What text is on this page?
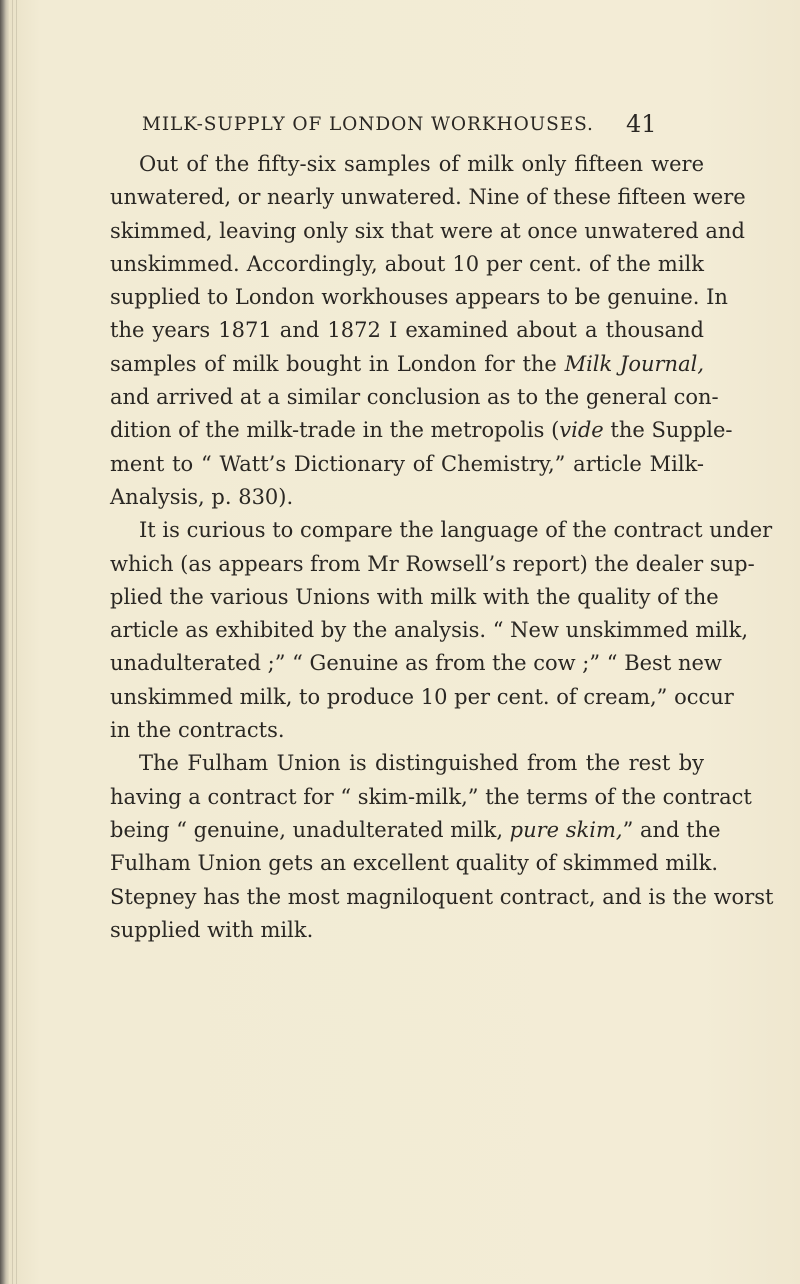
MILK-SUPPLY OF LONDON WORKHOUSES. 41
Out of the fifty-six samples of milk only fifteen were
unwatered, or nearly unwatered. Nine of these fifteen were
skimmed, leaving only six that were at once unwatered and
unskimmed. Accordingly, about 10 per cent. of the milk
supplied to London workhouses appears to be genuine. In
the years 1871 and 1872 I examined about a thousand
samples of milk bought in London for the Milk Journal,
and arrived at a similar conclusion as to the general con-
dition of the milk-trade in the metropolis (vide the Supple-
ment to “ Watt’s Dictionary of Chemistry,” article Milk-
Analysis, p. 830).
It is curious to compare the language of the contract under
which (as appears from Mr Rowsell’s report) the dealer sup-
plied the various Unions with milk with the quality of the
article as exhibited by the analysis. “ New unskimmed milk,
unadulterated ;” “ Genuine as from the cow ;” “ Best new
unskimmed milk, to produce 10 per cent. of cream,” occur
in the contracts.
The Fulham Union is distinguished from the rest by
having a contract for “ skim-milk,” the terms of the contract
being “ genuine, unadulterated milk, pure skim,” and the
Fulham Union gets an excellent quality of skimmed milk.
Stepney has the most magniloquent contract, and is the worst
supplied with milk.
